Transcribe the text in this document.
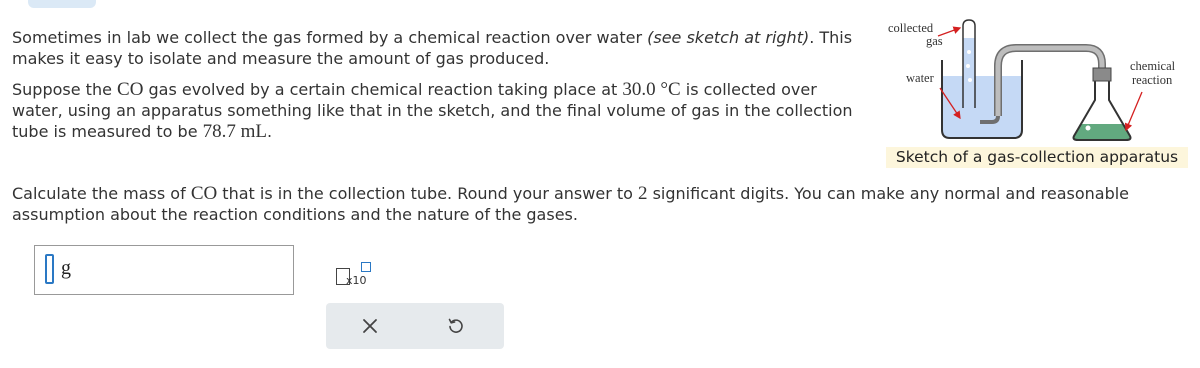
Sometimes in lab we collect the gas formed by a chemical reaction over water (see sketch at right). This makes it easy to isolate and measure the amount of gas produced.
Suppose the CO gas evolved by a certain chemical reaction taking place at 30.0 °C is collected over water, using an apparatus something like that in the sketch, and the final volume of gas in the collection tube is measured to be 78.7 mL.
Calculate the mass of CO that is in the collection tube. Round your answer to 2 significant digits. You can make any normal and reasonable assumption about the reaction conditions and the nature of the gases.
collected
gas
water
chemical
reaction
Sketch of a gas-collection apparatus
g
x10
